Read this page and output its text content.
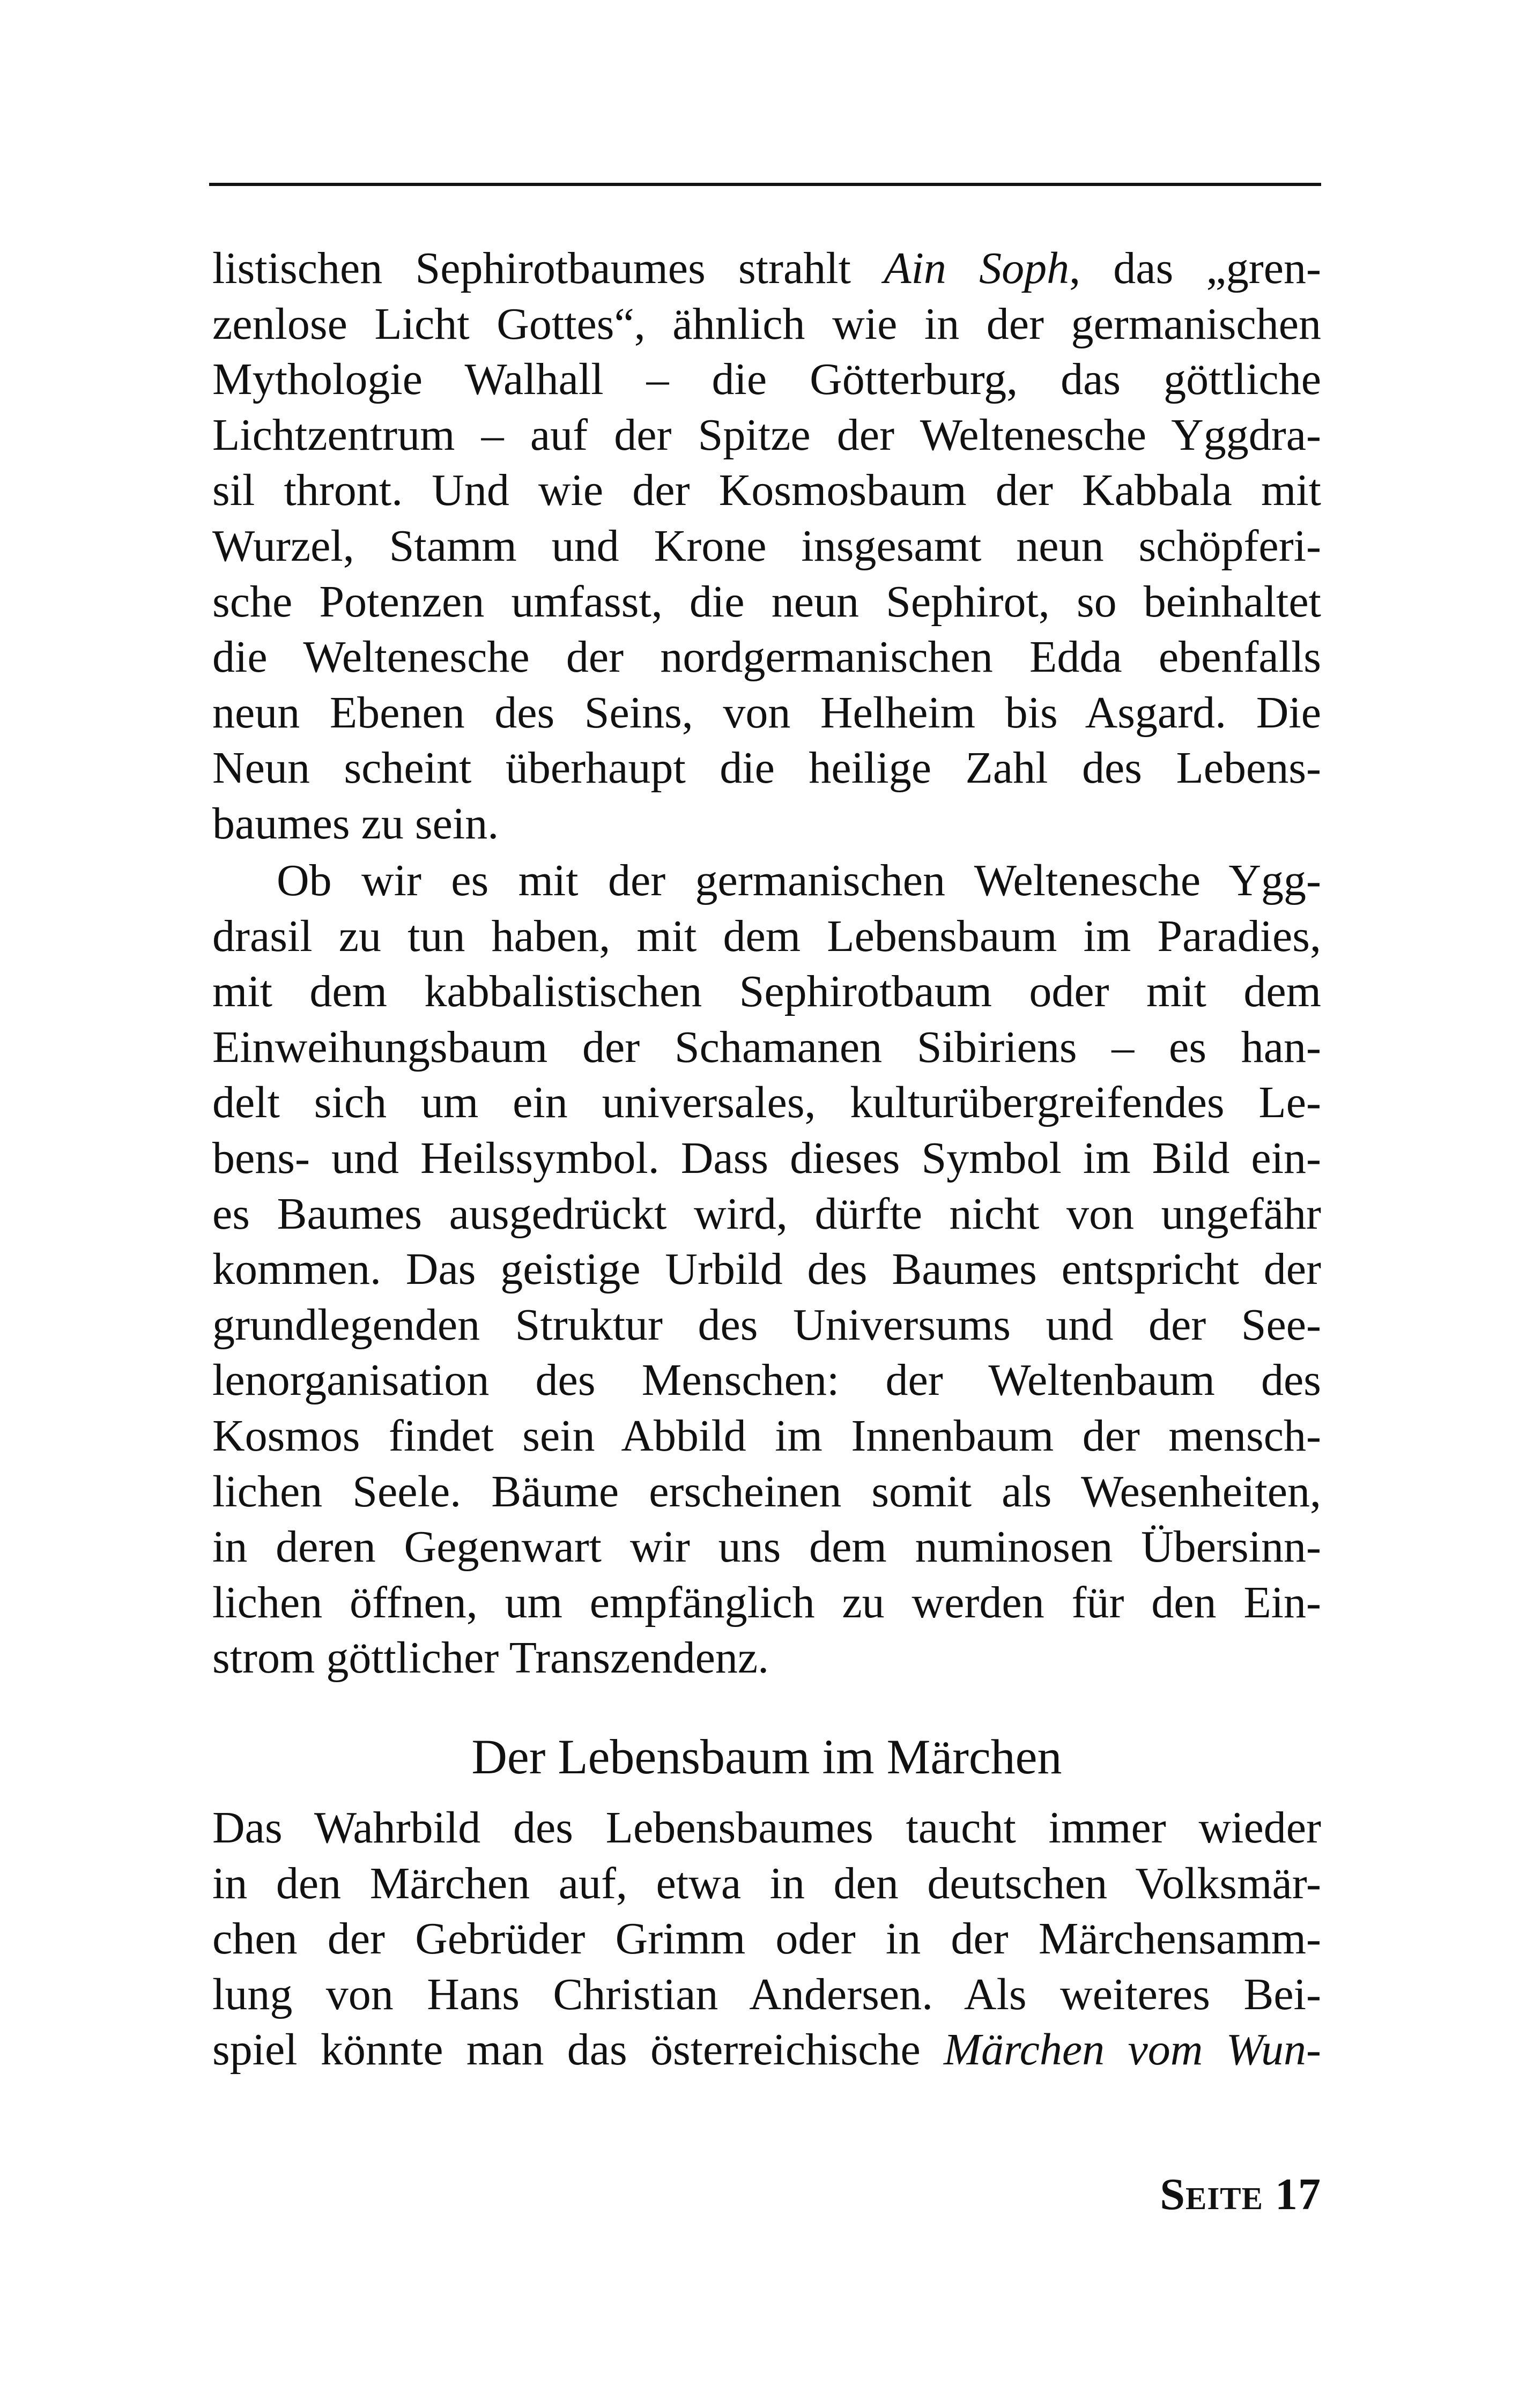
listischen Sephirotbaumes strahlt Ain Soph, das „gren-
zenlose Licht Gottes“, ähnlich wie in der germanischen
Mythologie Walhall – die Götterburg, das göttliche
Lichtzentrum – auf der Spitze der Weltenesche Yggdra-
sil thront. Und wie der Kosmosbaum der Kabbala mit
Wurzel, Stamm und Krone insgesamt neun schöpferi-
sche Potenzen umfasst, die neun Sephirot, so beinhaltet
die Weltenesche der nordgermanischen Edda ebenfalls
neun Ebenen des Seins, von Helheim bis Asgard. Die
Neun scheint überhaupt die heilige Zahl des Lebens-
baumes zu sein.
Ob wir es mit der germanischen Weltenesche Ygg-
drasil zu tun haben, mit dem Lebensbaum im Paradies,
mit dem kabbalistischen Sephirotbaum oder mit dem
Einweihungsbaum der Schamanen Sibiriens – es han-
delt sich um ein universales, kulturübergreifendes Le-
bens- und Heilssymbol. Dass dieses Symbol im Bild ein-
es Baumes ausgedrückt wird, dürfte nicht von ungefähr
kommen. Das geistige Urbild des Baumes entspricht der
grundlegenden Struktur des Universums und der See-
lenorganisation des Menschen: der Weltenbaum des
Kosmos findet sein Abbild im Innenbaum der mensch-
lichen Seele. Bäume erscheinen somit als Wesenheiten,
in deren Gegenwart wir uns dem numinosen Übersinn-
lichen öffnen, um empfänglich zu werden für den Ein-
strom göttlicher Transzendenz.
Der Lebensbaum im Märchen
Das Wahrbild des Lebensbaumes taucht immer wieder
in den Märchen auf, etwa in den deutschen Volksmär-
chen der Gebrüder Grimm oder in der Märchensamm-
lung von Hans Christian Andersen. Als weiteres Bei-
spiel könnte man das österreichische Märchen vom Wun-
Seite 17
